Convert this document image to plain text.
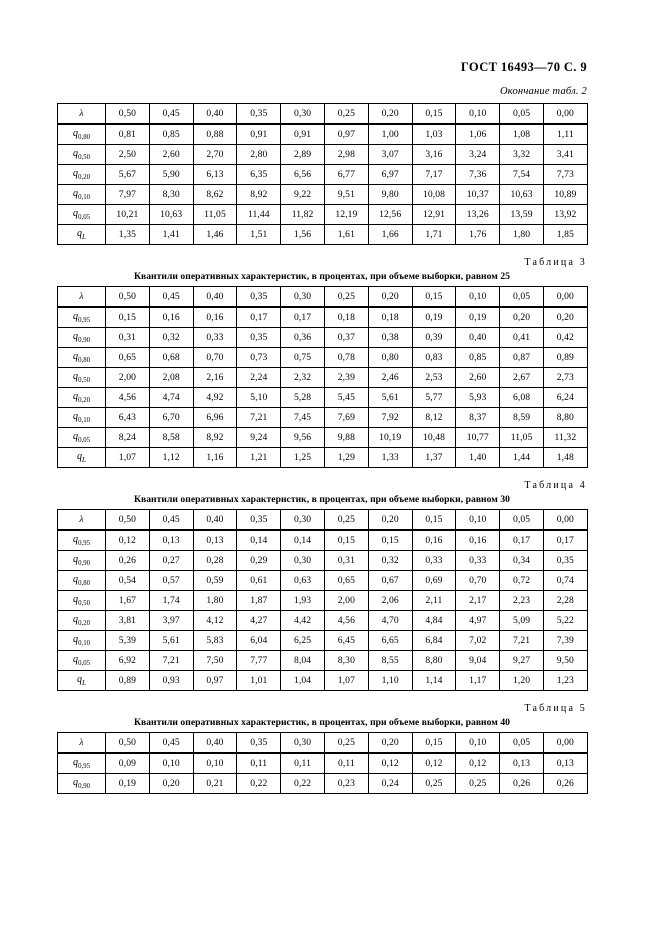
ГОСТ 16493—70 С. 9
Окончание табл. 2
λ	0,50	0,45	0,40	0,35	0,30	0,25	0,20	0,15	0,10	0,05	0,00
$q_{0,80}$	0,81	0,85	0,88	0,91	0,91	0,97	1,00	1,03	1,06	1,08	1,11
$q_{0,50}$	2,50	2,60	2,70	2,80	2,89	2,98	3,07	3,16	3,24	3,32	3,41
$q_{0,20}$	5,67	5,90	6,13	6,35	6,56	6,77	6,97	7,17	7,36	7,54	7,73
$q_{0,10}$	7,97	8,30	8,62	8,92	9,22	9,51	9,80	10,08	10,37	10,63	10,89
$q_{0,05}$	10,21	10,63	11,05	11,44	11,82	12,19	12,56	12,91	13,26	13,59	13,92
$q_L$	1,35	1,41	1,46	1,51	1,56	1,61	1,66	1,71	1,76	1,80	1,85
Таблица 3
Квантили оперативных характеристик, в процентах, при объеме выборки, равном 25
λ	0,50	0,45	0,40	0,35	0,30	0,25	0,20	0,15	0,10	0,05	0,00
$q_{0,95}$	0,15	0,16	0,16	0,17	0,17	0,18	0,18	0,19	0,19	0,20	0,20
$q_{0,90}$	0,31	0,32	0,33	0,35	0,36	0,37	0,38	0,39	0,40	0,41	0,42
$q_{0,80}$	0,65	0,68	0,70	0,73	0,75	0,78	0,80	0,83	0,85	0,87	0,89
$q_{0,50}$	2,00	2,08	2,16	2,24	2,32	2,39	2,46	2,53	2,60	2,67	2,73
$q_{0,20}$	4,56	4,74	4,92	5,10	5,28	5,45	5,61	5,77	5,93	6,08	6,24
$q_{0,10}$	6,43	6,70	6,96	7,21	7,45	7,69	7,92	8,12	8,37	8,59	8,80
$q_{0,05}$	8,24	8,58	8,92	9,24	9,56	9,88	10,19	10,48	10,77	11,05	11,32
$q_L$	1,07	1,12	1,16	1,21	1,25	1,29	1,33	1,37	1,40	1,44	1,48
Таблица 4
Квантили оперативных характеристик, в процентах, при объеме выборки, равном 30
λ	0,50	0,45	0,40	0,35	0,30	0,25	0,20	0,15	0,10	0,05	0,00
$q_{0,95}$	0,12	0,13	0,13	0,14	0,14	0,15	0,15	0,16	0,16	0,17	0,17
$q_{0,90}$	0,26	0,27	0,28	0,29	0,30	0,31	0,32	0,33	0,33	0,34	0,35
$q_{0,80}$	0,54	0,57	0,59	0,61	0,63	0,65	0,67	0,69	0,70	0,72	0,74
$q_{0,50}$	1,67	1,74	1,80	1,87	1,93	2,00	2,06	2,11	2,17	2,23	2,28
$q_{0,20}$	3,81	3,97	4,12	4,27	4,42	4,56	4,70	4,84	4,97	5,09	5,22
$q_{0,10}$	5,39	5,61	5,83	6,04	6,25	6,45	6,65	6,84	7,02	7,21	7,39
$q_{0,05}$	6,92	7,21	7,50	7,77	8,04	8,30	8,55	8,80	9,04	9,27	9,50
$q_L$	0,89	0,93	0,97	1,01	1,04	1,07	1,10	1,14	1,17	1,20	1,23
Таблица 5
Квантили оперативных характеристик, в процентах, при объеме выборки, равном 40
λ	0,50	0,45	0,40	0,35	0,30	0,25	0,20	0,15	0,10	0,05	0,00
$q_{0,95}$	0,09	0,10	0,10	0,11	0,11	0,11	0,12	0,12	0,12	0,13	0,13
$q_{0,90}$	0,19	0,20	0,21	0,22	0,22	0,23	0,24	0,25	0,25	0,26	0,26
